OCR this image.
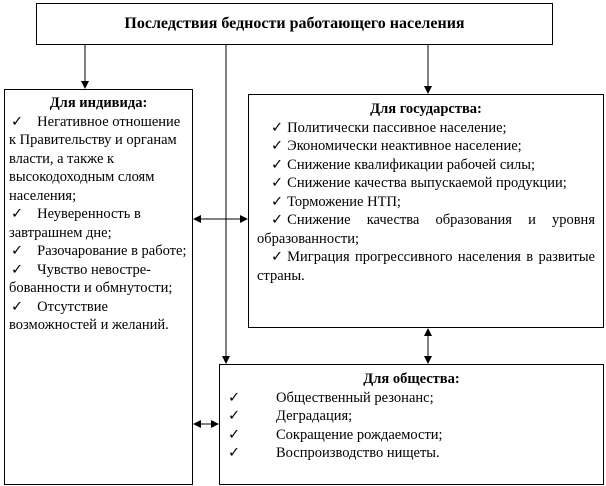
Последствия бедности работающего населения
Для индивида:
✓ Негативное отношение к Правительству и органам власти, а также к высокодоходным слоям населения;
✓ Неуверенность в завтрашнем дне;
✓ Разочарование в работе;
✓ Чувство невостре-бованности и обмнутости;
✓ Отсутствие возможностей и желаний.
Для государства:
✓ Политически пассивное население;
✓ Экономически неактивное население;
✓ Снижение квалификации рабочей силы;
✓ Снижение качества выпускаемой продукции;
✓ Торможение НТП;
✓ Снижение качества образования и уровня образованности;
✓ Миграция прогрессивного населения в развитые страны.
Для общества:
✓ Общественный резонанс;
✓ Деградация;
✓ Сокращение рождаемости;
✓ Воспроизводство нищеты.
